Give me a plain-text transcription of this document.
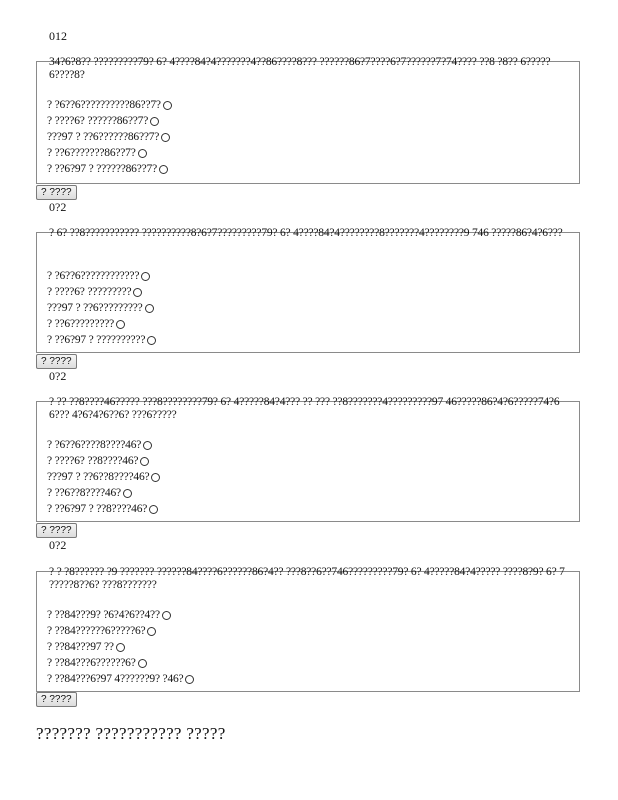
012
34?6?8?? ?????????79? 6? 4????84?4???????4??86????8??? ??????86?7????6?7??????7?74???? ??8 ?8?? 6?????6????8?
? ?6??6??????????86??7?
? ????6? ??????86??7?
???97 ? ??6??????86??7?
? ??6???????86??7?
? ??6?97 ? ??????86??7?
? ????
0?2
? 6? ??8??????????? ??????????8?6?7?????????79? 6? 4????84?4????????8???????4????????9 746 ?????86?4?6???
? ?6??6????????????
? ????6? ?????????
???97 ? ??6?????????
? ??6?????????
? ??6?97 ? ??????????
? ????
0?2
? ?? ??8????46????? ???8????????79? 6? 4?????84?4??? ?? ??? ??8???????4?????????97 46?????86?4?6?????74?6 6??? 4?6?4?6??6? ???6?????
? ?6??6????8????46?
? ????6? ??8????46?
???97 ? ??6??8????46?
? ??6??8????46?
? ??6?97 ? ??8????46?
? ????
0?2
? ? ?8?????? ?9 ??????? ??????84????6??????86?4?? ???8??6??746?????????79? 6? 4?????84?4????? ????8?9? 6? 7 ?????8??6? ???8???????
? ??84???9? ?6?4?6??4??
? ??84??????6?????6?
? ??84???97 ??
? ??84???6??????6?
? ??84???6?97 4??????9? ?46?
? ????
??????? ??????????? ?????
